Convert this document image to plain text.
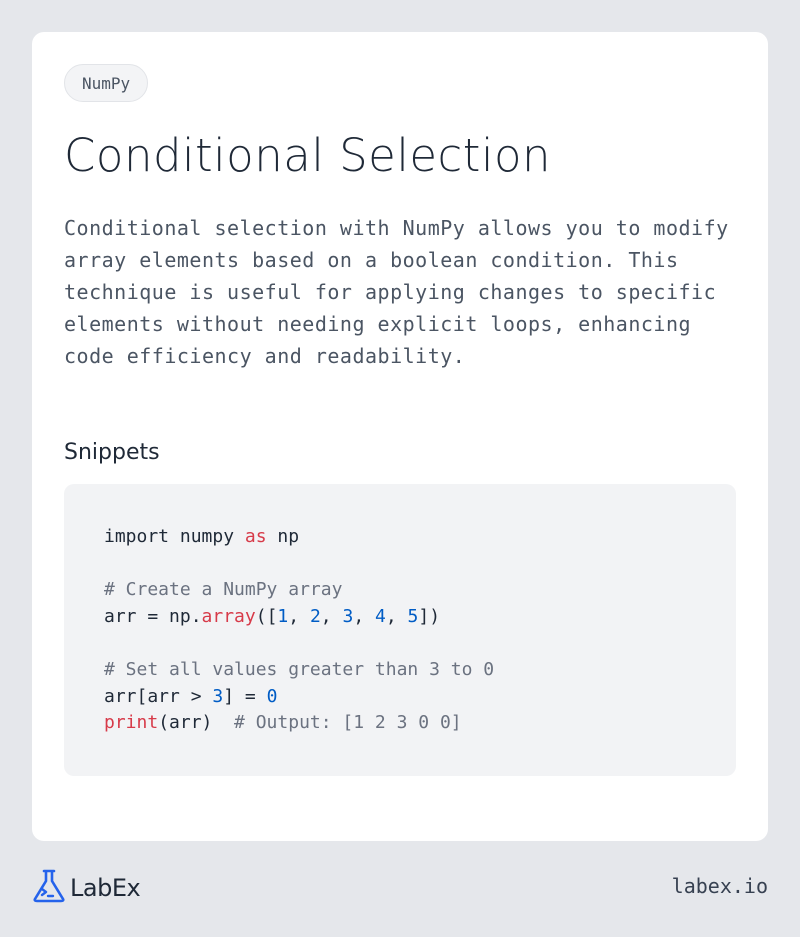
NumPy
Conditional Selection

Conditional selection with NumPy allows you to modify array elements based on a boolean condition. This technique is useful for applying changes to specific elements without needing explicit loops, enhancing code efficiency and readability.

Snippets
import numpy as np

# Create a NumPy array
arr = np.array([1, 2, 3, 4, 5])

# Set all values greater than 3 to 0
arr[arr > 3] = 0
print(arr)  # Output: [1 2 3 0 0]
LabEx	labex.io
